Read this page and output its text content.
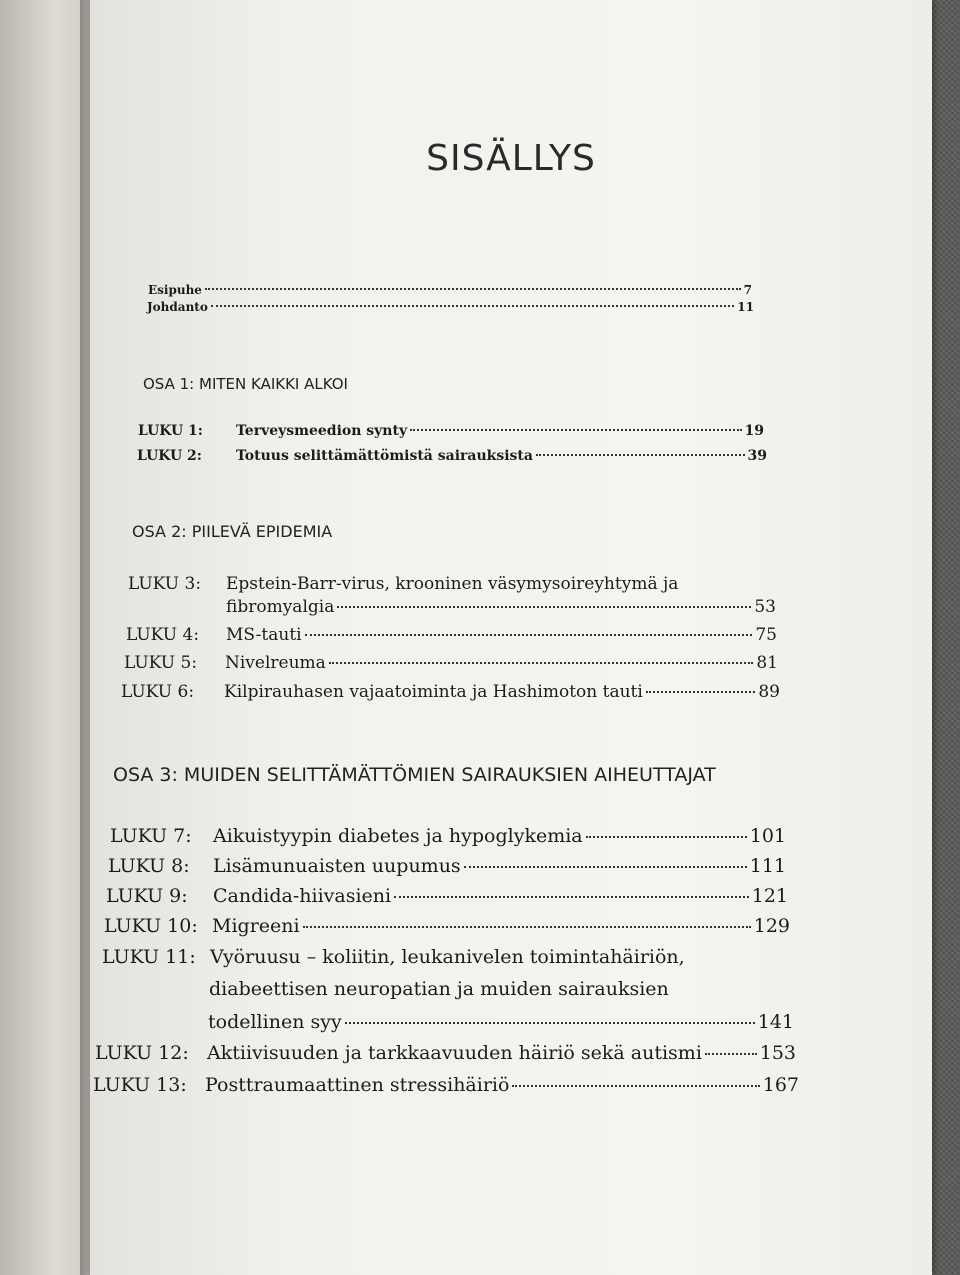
SISÄLLYS
Esipuhe	7
Johdanto	11
OSA 1: MITEN KAIKKI ALKOI
LUKU 1:	Terveysmeedion synty	19
LUKU 2:	Totuus selittämättömistä sairauksista	39
OSA 2: PIILEVÄ EPIDEMIA
LUKU 3: Epstein-Barr-virus, krooninen väsymysoireyhtymä ja
fibromyalgia	53
LUKU 4:	MS-tauti	75
LUKU 5:	Nivelreuma	81
LUKU 6:	Kilpirauhasen vajaatoiminta ja Hashimoton tauti	89
OSA 3: MUIDEN SELITTÄMÄTTÖMIEN SAIRAUKSIEN AIHEUTTAJAT
LUKU 7:	Aikuistyypin diabetes ja hypoglykemia	101
LUKU 8:	Lisämunuaisten uupumus	111
LUKU 9:	Candida-hiivasieni	121
LUKU 10: Migreeni	129
LUKU 11: Vyöruusu – koliitin, leukanivelen toimintahäiriön,
diabeettisen neuropatian ja muiden sairauksien
todellinen syy	141
LUKU 12: Aktiivisuuden ja tarkkaavuuden häiriö sekä autismi	153
LUKU 13: Posttraumaattinen stressihäiriö	167
